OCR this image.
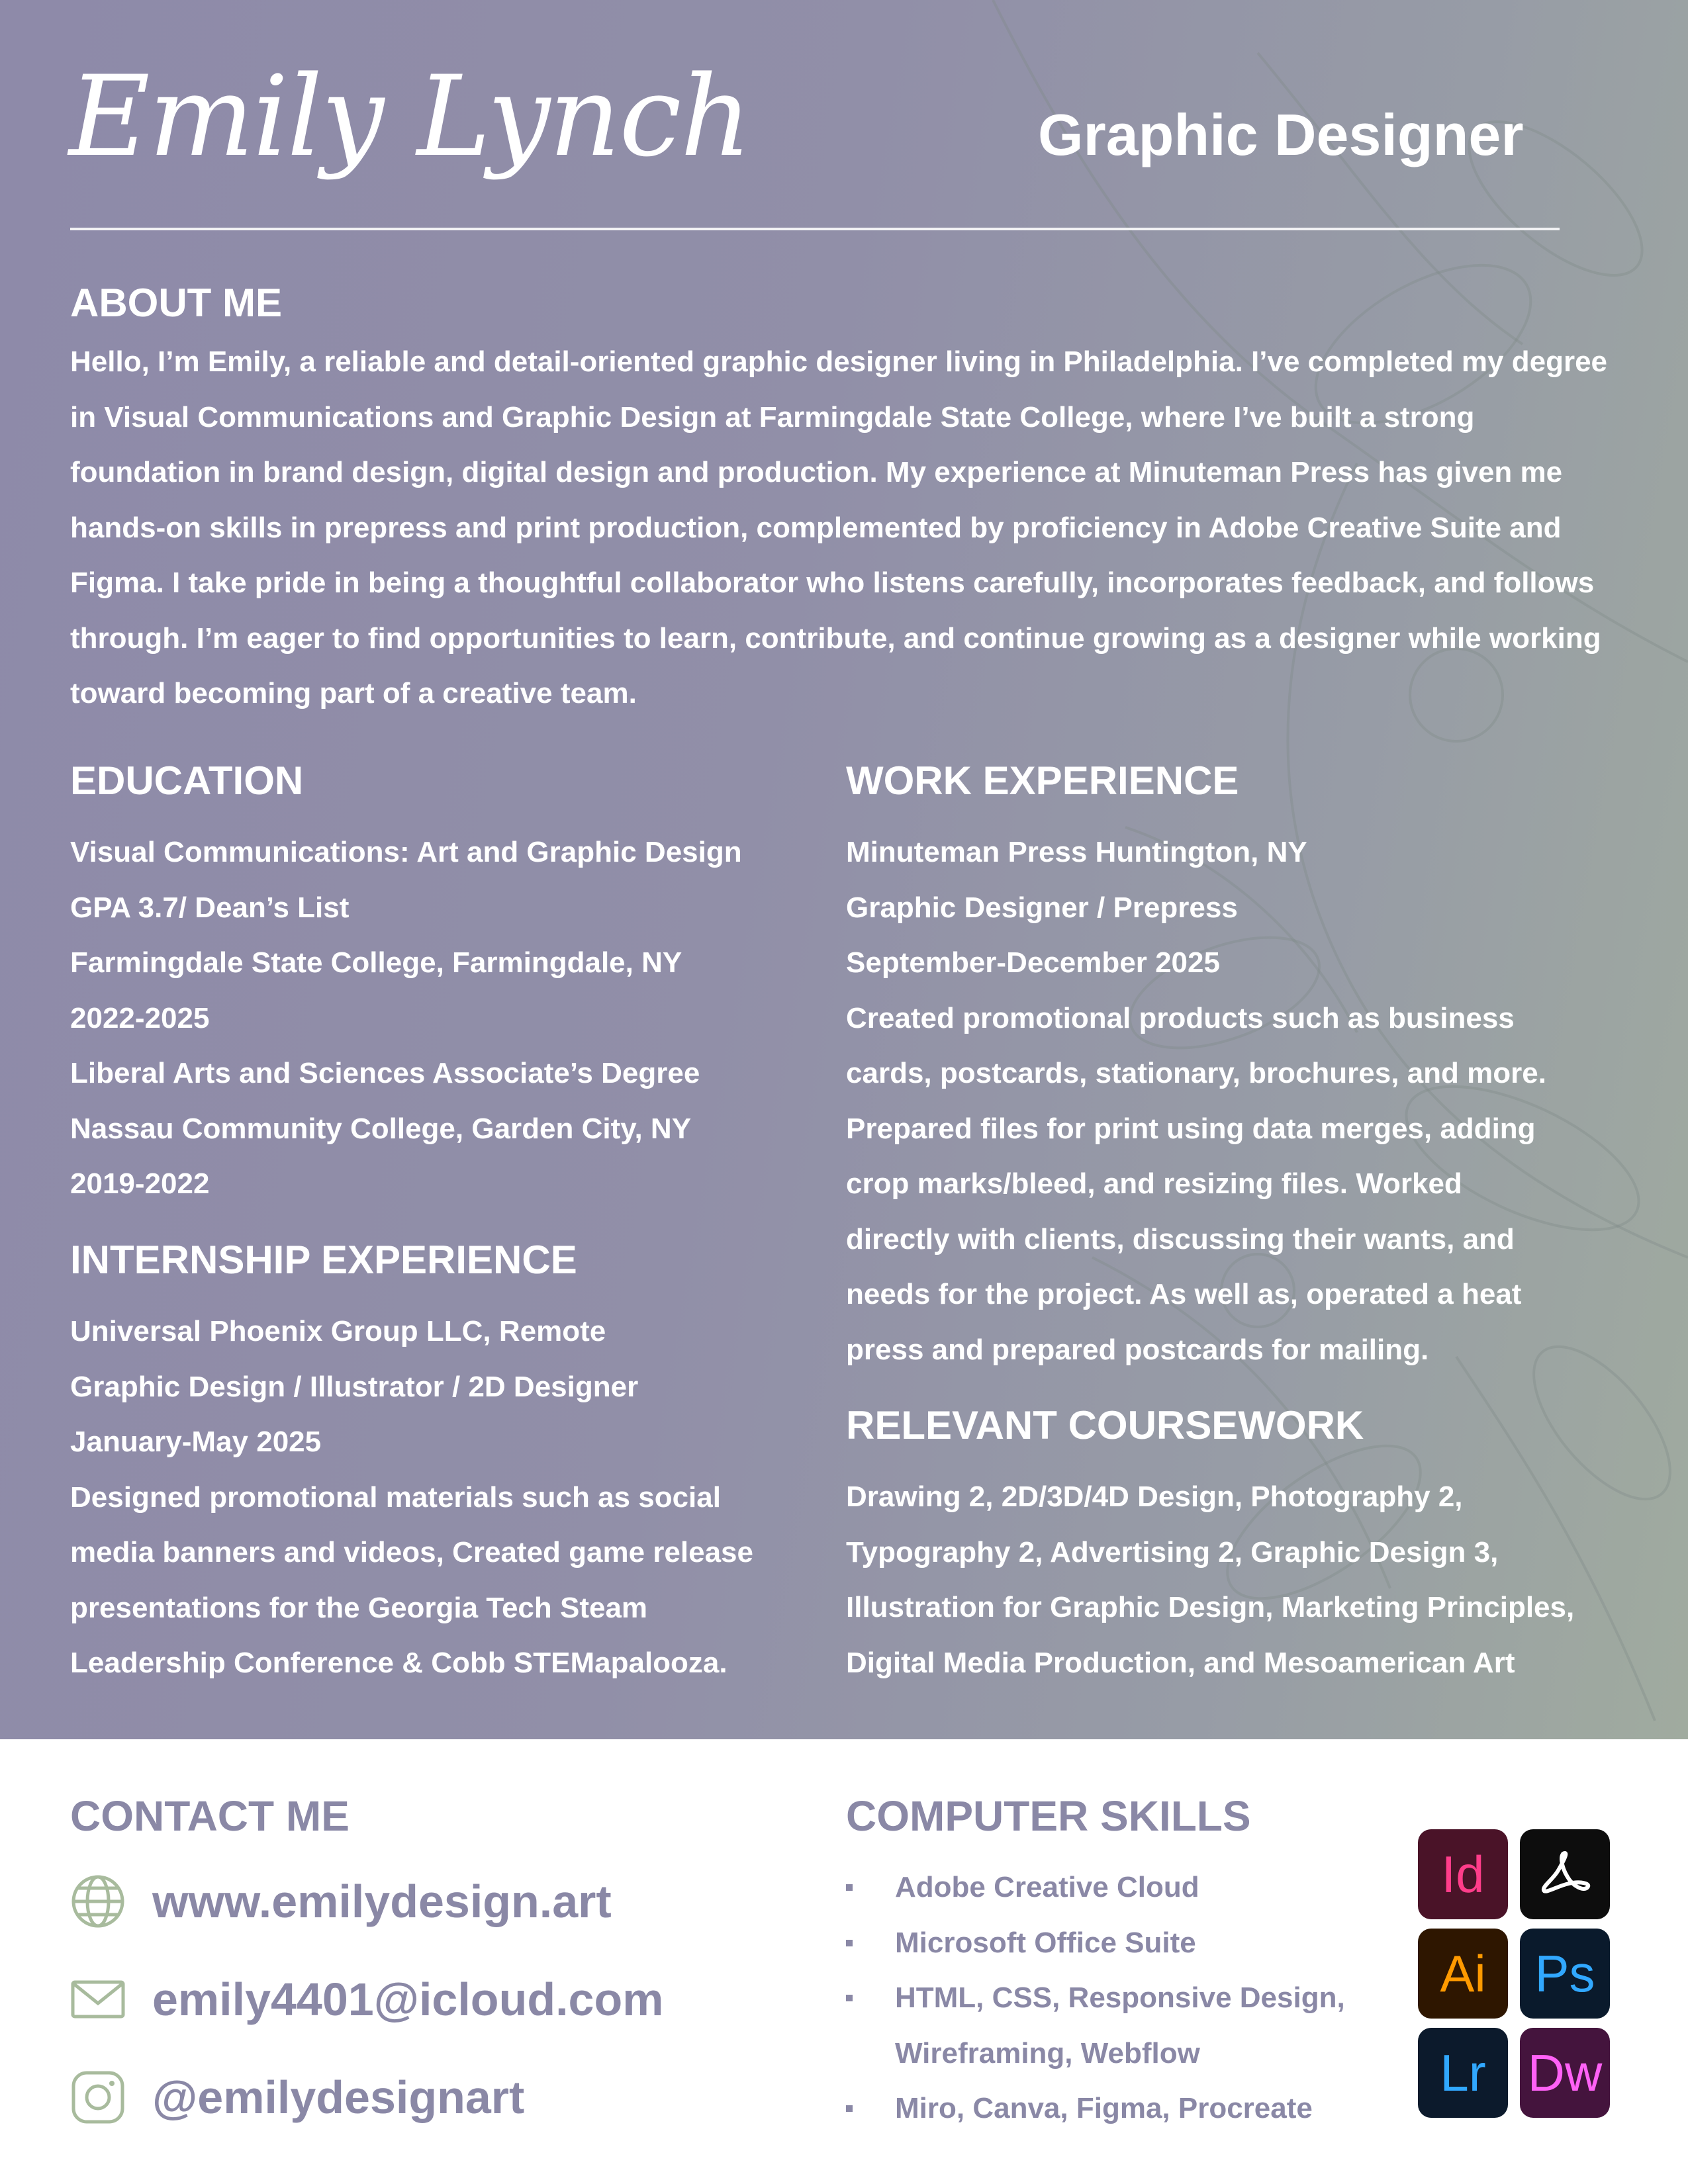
Emily Lynch	Graphic Designer
ABOUT ME
Hello, I’m Emily, a reliable and detail-oriented graphic designer living in Philadelphia. I’ve completed my degree in Visual Communications and Graphic Design at Farmingdale State College, where I’ve built a strong foundation in brand design, digital design and production. My experience at Minuteman Press has given me hands-on skills in prepress and print production, complemented by proficiency in Adobe Creative Suite and Figma. I take pride in being a thoughtful collaborator who listens carefully, incorporates feedback, and follows through. I’m eager to find opportunities to learn, contribute, and continue growing as a designer while working toward becoming part of a creative team.
EDUCATION
Visual Communications: Art and Graphic Design
GPA 3.7/ Dean’s List
Farmingdale State College, Farmingdale, NY
2022-2025
Liberal Arts and Sciences Associate’s Degree
Nassau Community College, Garden City, NY
2019-2022
INTERNSHIP EXPERIENCE
Universal Phoenix Group LLC, Remote
Graphic Design / Illustrator / 2D Designer
January-May 2025
Designed promotional materials such as social
media banners and videos, Created game release
presentations for the Georgia Tech Steam
Leadership Conference & Cobb STEMapalooza.
WORK EXPERIENCE
Minuteman Press Huntington, NY
Graphic Designer / Prepress
September-December 2025
Created promotional products such as business
cards, postcards, stationary, brochures, and more.
Prepared files for print using data merges, adding
crop marks/bleed, and resizing files. Worked
directly with clients, discussing their wants, and
needs for the project. As well as, operated a heat
press and prepared postcards for mailing.
RELEVANT COURSEWORK
Drawing 2, 2D/3D/4D Design, Photography 2,
Typography 2, Advertising 2, Graphic Design 3,
Illustration for Graphic Design, Marketing Principles,
Digital Media Production, and Mesoamerican Art
CONTACT ME
www.emilydesign.art
emily4401@icloud.com
@emilydesignart
COMPUTER SKILLS
Adobe Creative Cloud
Microsoft Office Suite
HTML, CSS, Responsive Design,
Wireframing, Webflow
Miro, Canva, Figma, Procreate
Id
Ai Ps
Lr Dw
